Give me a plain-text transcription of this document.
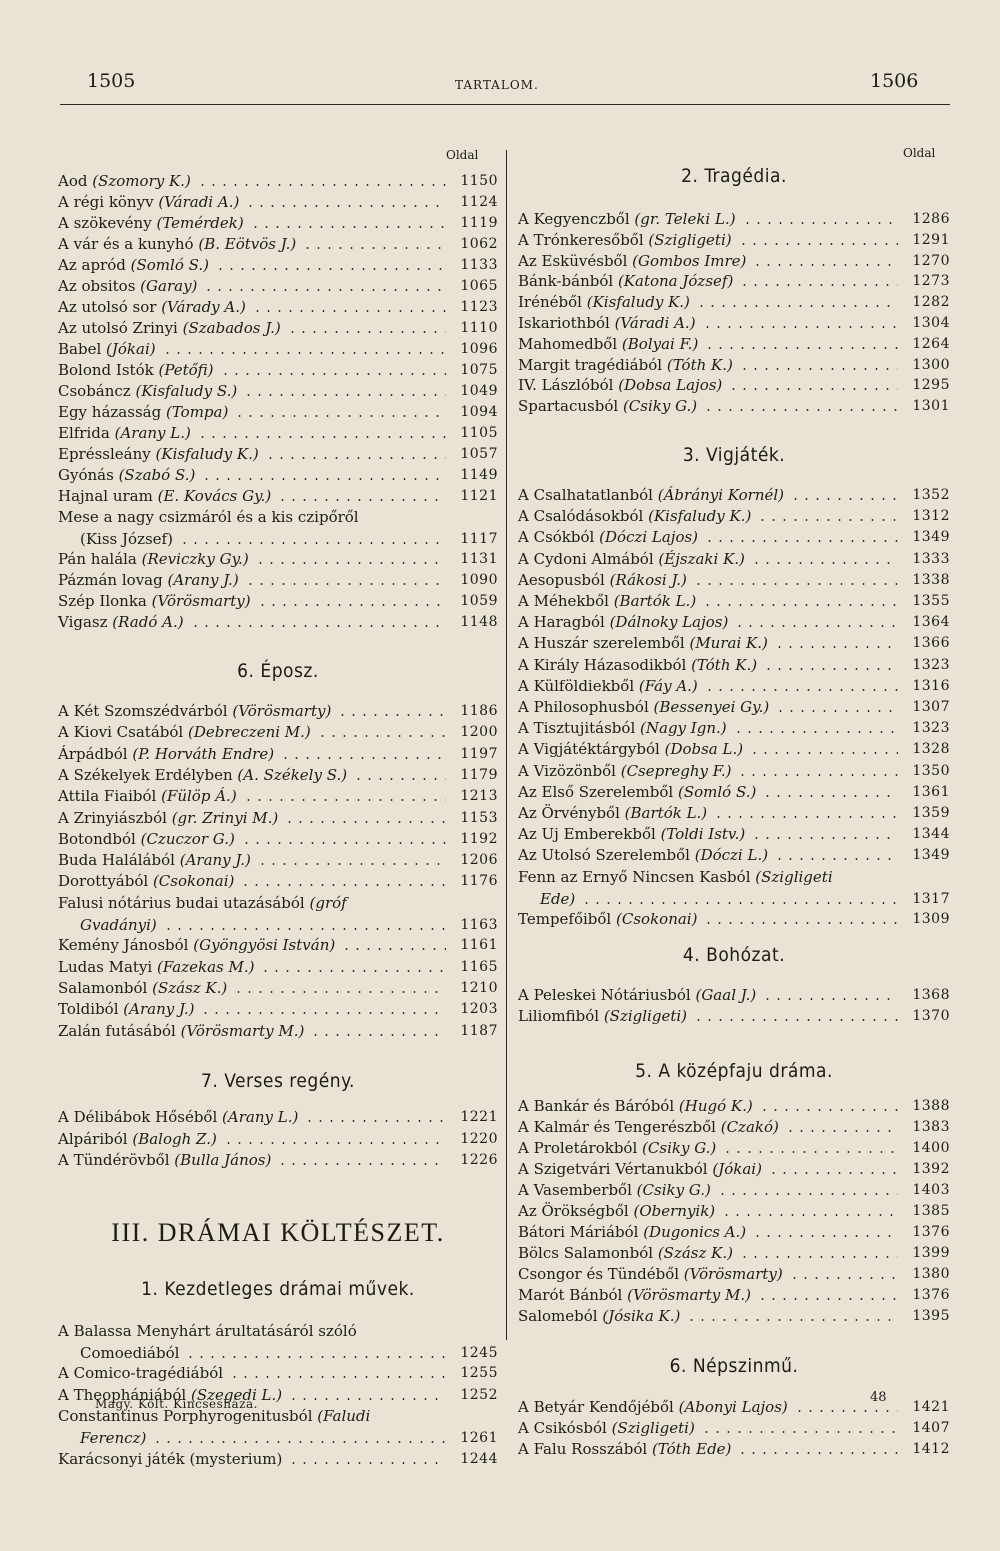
1505	TARTALOM.	1506
Oldal	Oldal
Aod (Szomory K.)	1150
A régi könyv (Váradi A.)	1124
A szökevény (Temérdek)	1119
A vár és a kunyhó (B. Eötvös J.)	1062
Az apród (Somló S.)	1133
Az obsitos (Garay)	1065
Az utolsó sor (Várady A.)	1123
Az utolsó Zrinyi (Szabados J.)	1110
Babel (Jókai)	1096
Bolond Istók (Petőfi)	1075
Csobáncz (Kisfaludy S.)	1049
Egy házasság (Tompa)	1094
Elfrida (Arany L.)	1105
Epréssleány (Kisfaludy K.)	1057
Gyónás (Szabó S.)	1149
Hajnal uram (E. Kovács Gy.)	1121
Mese a nagy csizmáról és a kis czipőről
(Kiss József)	1117
Pán halála (Reviczky Gy.)	1131
Pázmán lovag (Arany J.)	1090
Szép Ilonka (Vörösmarty)	1059
Vigasz (Radó A.)	1148
6. Éposz.
A Két Szomszédvárból (Vörösmarty)	1186
A Kiovi Csatából (Debreczeni M.)	1200
Árpádból (P. Horváth Endre)	1197
A Székelyek Erdélyben (A. Székely S.)	1179
Attila Fiaiból (Fülöp Á.)	1213
A Zrinyiászból (gr. Zrinyi M.)	1153
Botondból (Czuczor G.)	1192
Buda Halálából (Arany J.)	1206
Dorottyából (Csokonai)	1176
Falusi nótárius budai utazásából (gróf
Gvadányi)	1163
Kemény Jánosból (Gyöngyösi István)	1161
Ludas Matyi (Fazekas M.)	1165
Salamonból (Szász K.)	1210
Toldiból (Arany J.)	1203
Zalán futásából (Vörösmarty M.)	1187
7. Verses regény.
A Délibábok Hőséből (Arany L.)	1221
Alpáriból (Balogh Z.)	1220
A Tündérövből (Bulla János)	1226
III. DRÁMAI KÖLTÉSZET.
1. Kezdetleges drámai művek.
A Balassa Menyhárt árultatásáról szóló
Comoediából	1245
A Comico-tragédiából	1255
A Theophániából (Szegedi L.)	1252
Constantinus Porphyrogenitusból (Faludi
Ferencz)	1261
Karácsonyi játék (mysterium)	1244
2. Tragédia.
A Kegyenczből (gr. Teleki L.)	1286
A Trónkeresőből (Szigligeti)	1291
Az Esküvésből (Gombos Imre)	1270
Bánk-bánból (Katona József)	1273
Irénéből (Kisfaludy K.)	1282
Iskariothból (Váradi A.)	1304
Mahomedből (Bolyai F.)	1264
Margit tragédiából (Tóth K.)	1300
IV. Lászlóból (Dobsa Lajos)	1295
Spartacusból (Csiky G.)	1301
3. Vigjáték.
A Csalhatatlanból (Ábrányi Kornél)	1352
A Csalódásokból (Kisfaludy K.)	1312
A Csókból (Dóczi Lajos)	1349
A Cydoni Almából (Éjszaki K.)	1333
Aesopusból (Rákosi J.)	1338
A Méhekből (Bartók L.)	1355
A Haragból (Dálnoky Lajos)	1364
A Huszár szerelemből (Murai K.)	1366
A Király Házasodikból (Tóth K.)	1323
A Külföldiekből (Fáy A.)	1316
A Philosophusból (Bessenyei Gy.)	1307
A Tisztujitásból (Nagy Ign.)	1323
A Vigjátéktárgyból (Dobsa L.)	1328
A Vizözönből (Csepreghy F.)	1350
Az Első Szerelemből (Somló S.)	1361
Az Örvényből (Bartók L.)	1359
Az Uj Emberekből (Toldi Istv.)	1344
Az Utolsó Szerelemből (Dóczi L.)	1349
Fenn az Ernyő Nincsen Kasból (Szigligeti
Ede)	1317
Tempefőiből (Csokonai)	1309
4. Bohózat.
A Peleskei Nótáriusból (Gaal J.)	1368
Liliomfiból (Szigligeti)	1370
5. A középfaju dráma.
A Bankár és Báróból (Hugó K.)	1388
A Kalmár és Tengerészből (Czakó)	1383
A Proletárokból (Csiky G.)	1400
A Szigetvári Vértanukból (Jókai)	1392
A Vasemberből (Csiky G.)	1403
Az Örökségből (Obernyik)	1385
Bátori Máriából (Dugonics A.)	1376
Bölcs Salamonból (Szász K.)	1399
Csongor és Tündéből (Vörösmarty)	1380
Marót Bánból (Vörösmarty M.)	1376
Salomeból (Jósika K.)	1395
6. Népszinmű.
A Betyár Kendőjéből (Abonyi Lajos)	1421
A Csikósból (Szigligeti)	1407
A Falu Rosszából (Tóth Ede)	1412
Magy. Költ. Kincsesháza.	48
